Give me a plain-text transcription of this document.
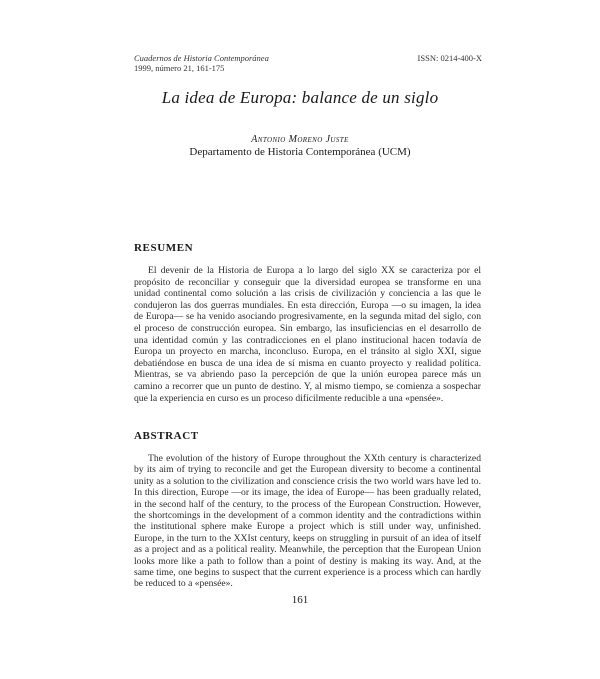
Cuadernos de Historia Contemporánea
1999, número 21, 161-175
ISSN: 0214-400-X
La idea de Europa: balance de un siglo
Antonio Moreno Juste
Departamento de Historia Contemporánea (UCM)
RESUMEN

El devenir de la Historia de Europa a lo largo del siglo XX se caracteriza por el propósito de reconciliar y conseguir que la diversidad europea se transforme en una unidad continental como solución a las crisis de civilización y conciencia a las que le condujeron las dos guerras mundiales. En esta dirección, Europa —o su imagen, la idea de Europa— se ha venido asociando progresivamente, en la segunda mitad del siglo, con el proceso de construcción europea. Sin embargo, las insuficiencias en el desarrollo de una identidad común y las contradicciones en el plano institucional hacen todavía de Europa un proyecto en marcha, inconcluso. Europa, en el tránsito al siglo XXI, sigue debatiéndose en busca de una idea de sí misma en cuanto proyecto y realidad política. Mientras, se va abriendo paso la percepción de que la unión europea parece más un camino a recorrer que un punto de destino. Y, al mismo tiempo, se comienza a sospechar que la experiencia en curso es un proceso difícilmente reducible a una «pensée».

ABSTRACT

The evolution of the history of Europe throughout the XXth century is characterized by its aim of trying to reconcile and get the European diversity to become a continental unity as a solution to the civilization and conscience crisis the two world wars have led to. In this direction, Europe —or its image, the idea of Europe— has been gradually related, in the second half of the century, to the process of the European Construction. However, the shortcomings in the development of a common identity and the contradictions within the institutional sphere make Europe a project which is still under way, unfinished. Europe, in the turn to the XXIst century, keeps on struggling in pursuit of an idea of itself as a project and as a political reality. Meanwhile, the perception that the European Union looks more like a path to follow than a point of destiny is making its way. And, at the same time, one begins to suspect that the current experience is a process which can hardly be reduced to a «pensée».

161
